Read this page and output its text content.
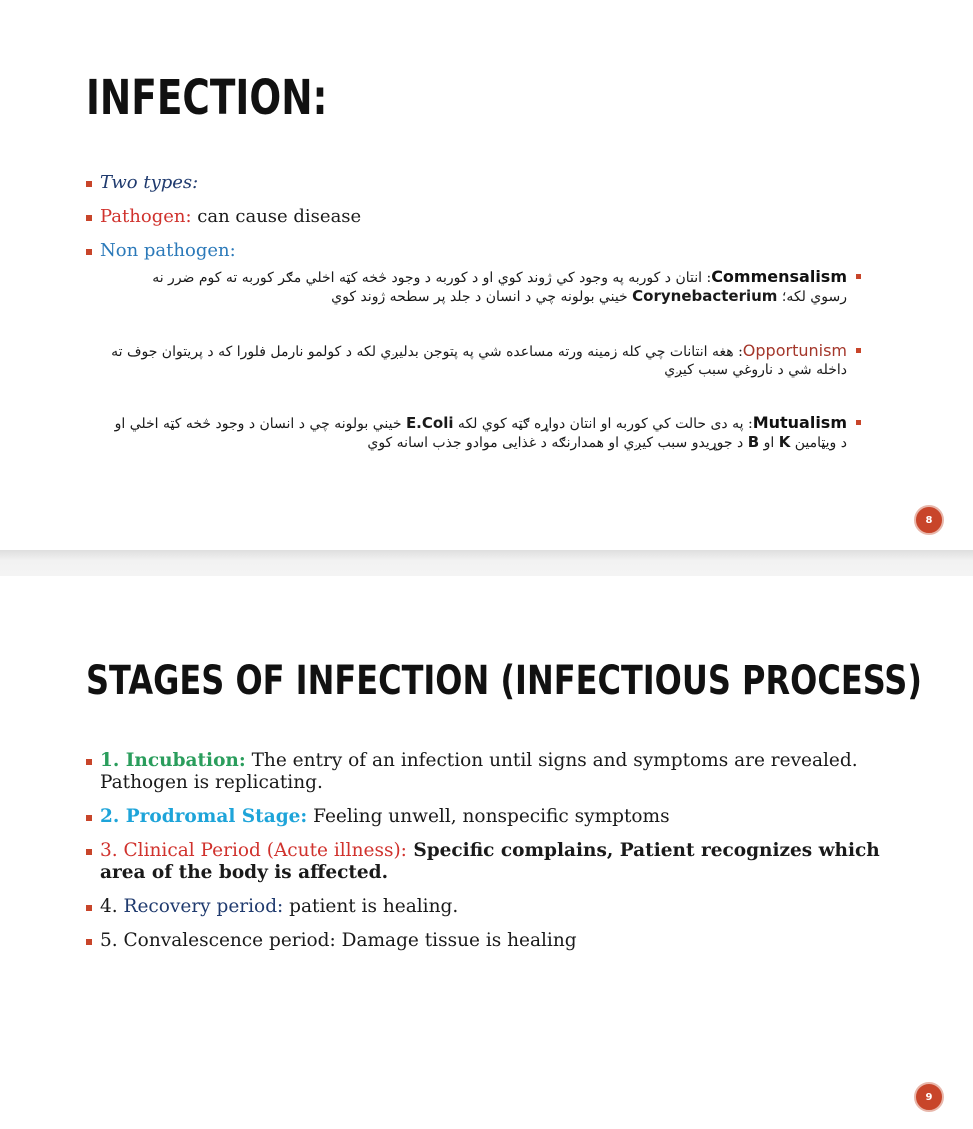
INFECTION:
Two types:
Pathogen: can cause disease
Non pathogen:
Commensalism: انتان د کوربه په وجود کي ژوند کوي او د کوربه د وجود څخه کټه اخلي مګر کوربه ته کوم ضرر نه
رسوي لکه؛ Corynebacterium خیني بولونه چي د انسان د جلد پر سطحه ژوند کوي
Opportunism: هغه انتانات چي کله زمینه ورته مساعده شي په پتوجن بدليږي لکه د کولمو نارمل فلورا که د پریتوان جوف ته
داخله شي د ناروغي سبب کیږي
Mutualism: په دی حالت کي کوربه او انتان دواړه ګټه کوي لکه E.Coli خیني بولونه چي د انسان د وجود څخه کټه اخلي او
د ویټامین K او B د جوړیدو سبب کیږي او همدارنګه د غذایی موادو جذب اسانه کوي
8
STAGES OF INFECTION (INFECTIOUS PROCESS)
1. Incubation: The entry of an infection until signs and symptoms are revealed. Pathogen is replicating.
2. Prodromal Stage: Feeling unwell, nonspecific symptoms
3. Clinical Period (Acute illness): Specific complains, Patient recognizes which area of the body is affected.
4. Recovery period: patient is healing.
5. Convalescence period: Damage tissue is healing
9
